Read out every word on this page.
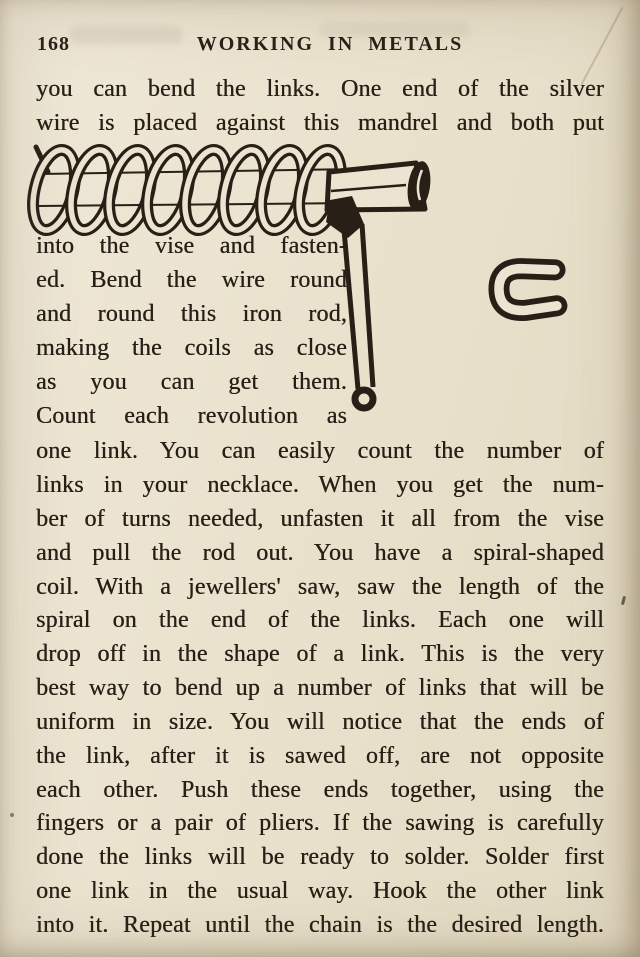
168	WORKING IN METALS
you can bend the links. One end of the silver
wire is placed against this mandrel and both put
into the vise and fasten-
ed. Bend the wire round
and round this iron rod,
making the coils as close
as you can get them.
Count each revolution as
one link. You can easily count the number of
links in your necklace. When you get the num-
ber of turns needed, unfasten it all from the vise
and pull the rod out. You have a spiral-shaped
coil. With a jewellers' saw, saw the length of the
spiral on the end of the links. Each one will
drop off in the shape of a link. This is the very
best way to bend up a number of links that will be
uniform in size. You will notice that the ends of
the link, after it is sawed off, are not opposite
each other. Push these ends together, using the
fingers or a pair of pliers. If the sawing is carefully
done the links will be ready to solder. Solder first
one link in the usual way. Hook the other link
into it. Repeat until the chain is the desired length.
